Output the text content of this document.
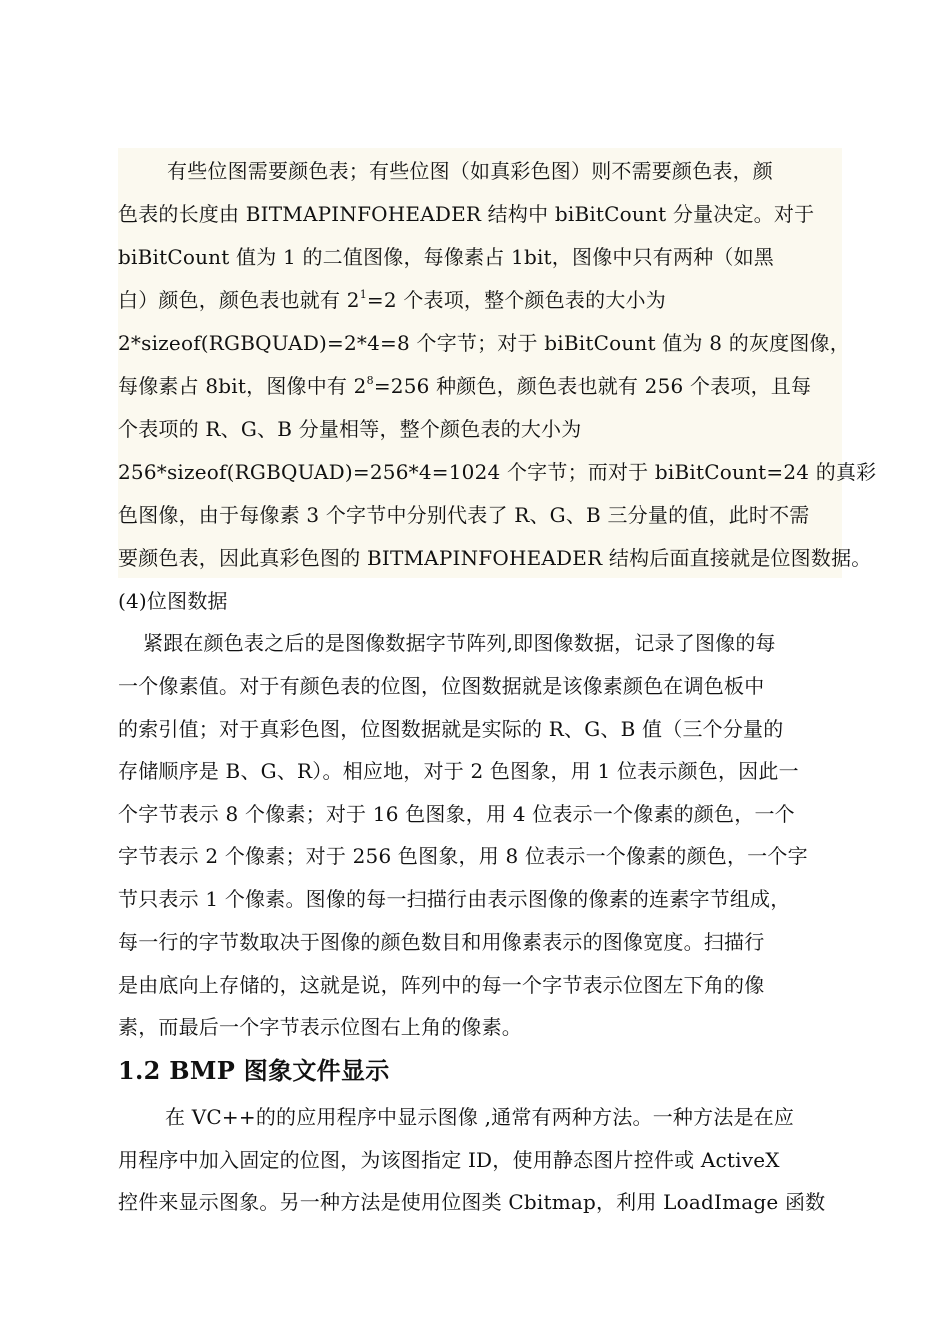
有些位图需要颜色表；有些位图（如真彩色图）则不需要颜色表，颜
色表的长度由 BITMAPINFOHEADER 结构中 biBitCount 分量决定。对于
biBitCount 值为 1 的二值图像，每像素占 1bit，图像中只有两种（如黑
白）颜色，颜色表也就有 $2^1=2$ 个表项，整个颜色表的大小为
2*sizeof(RGBQUAD)=2*4=8 个字节；对于 biBitCount 值为 8 的灰度图像，
每像素占 8bit，图像中有 $2^8=256$ 种颜色，颜色表也就有 256 个表项，且每
个表项的 R、G、B 分量相等，整个颜色表的大小为
256*sizeof(RGBQUAD)=256*4=1024 个字节；而对于 biBitCount=24 的真彩
色图像，由于每像素 3 个字节中分别代表了 R、G、B 三分量的值，此时不需
要颜色表，因此真彩色图的 BITMAPINFOHEADER 结构后面直接就是位图数据。
(4)位图数据
紧跟在颜色表之后的是图像数据字节阵列,即图像数据，记录了图像的每
一个像素值。对于有颜色表的位图，位图数据就是该像素颜色在调色板中
的索引值；对于真彩色图，位图数据就是实际的 R、G、B 值（三个分量的
存储顺序是 B、G、R）。相应地，对于 2 色图象，用 1 位表示颜色，因此一
个字节表示 8 个像素；对于 16 色图象，用 4 位表示一个像素的颜色，一个
字节表示 2 个像素；对于 256 色图象，用 8 位表示一个像素的颜色，一个字
节只表示 1 个像素。图像的每一扫描行由表示图像的像素的连素字节组成，
每一行的字节数取决于图像的颜色数目和用像素表示的图像宽度。扫描行
是由底向上存储的，这就是说，阵列中的每一个字节表示位图左下角的像
素，而最后一个字节表示位图右上角的像素。
1.2 BMP 图象文件显示
在 VC++的的应用程序中显示图像 ,通常有两种方法。一种方法是在应
用程序中加入固定的位图，为该图指定 ID，使用静态图片控件或 ActiveX
控件来显示图象。另一种方法是使用位图类 Cbitmap，利用 LoadImage 函数
